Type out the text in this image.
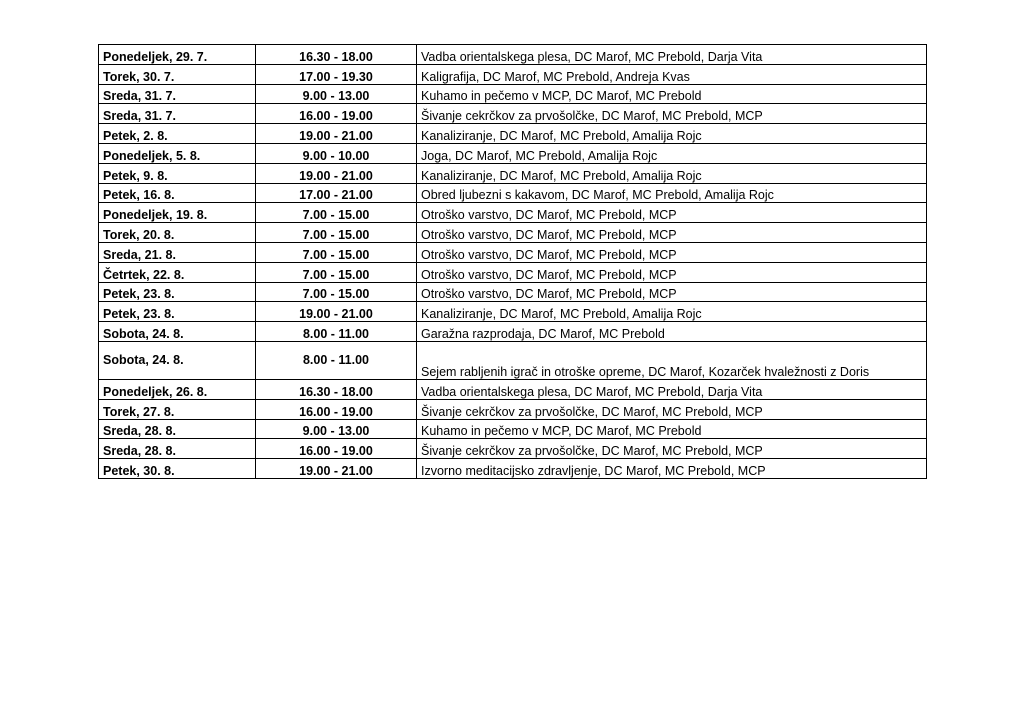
Ponedeljek, 29. 7.	16.30 - 18.00	Vadba orientalskega plesa, DC Marof, MC Prebold, Darja Vita
Torek, 30. 7.	17.00 - 19.30	Kaligrafija, DC Marof, MC Prebold, Andreja Kvas
Sreda, 31. 7.	9.00 - 13.00	Kuhamo in pečemo v MCP, DC Marof, MC Prebold
Sreda, 31. 7.	16.00 - 19.00	Šivanje cekrčkov za prvošolčke, DC Marof, MC Prebold, MCP
Petek, 2. 8.	19.00 - 21.00	Kanaliziranje, DC Marof, MC Prebold, Amalija Rojc
Ponedeljek, 5. 8.	9.00 - 10.00	Joga, DC Marof, MC Prebold, Amalija Rojc
Petek, 9. 8.	19.00 - 21.00	Kanaliziranje, DC Marof, MC Prebold, Amalija Rojc
Petek, 16. 8.	17.00 - 21.00	Obred ljubezni s kakavom, DC Marof, MC Prebold, Amalija Rojc
Ponedeljek, 19. 8.	7.00 - 15.00	Otroško varstvo, DC Marof, MC Prebold, MCP
Torek, 20. 8.	7.00 - 15.00	Otroško varstvo, DC Marof, MC Prebold, MCP
Sreda, 21. 8.	7.00 - 15.00	Otroško varstvo, DC Marof, MC Prebold, MCP
Četrtek, 22. 8.	7.00 - 15.00	Otroško varstvo, DC Marof, MC Prebold, MCP
Petek, 23. 8.	7.00 - 15.00	Otroško varstvo, DC Marof, MC Prebold, MCP
Petek, 23. 8.	19.00 - 21.00	Kanaliziranje, DC Marof, MC Prebold, Amalija Rojc
Sobota, 24. 8.	8.00 - 11.00	Garažna razprodaja, DC Marof, MC Prebold
Sobota, 24. 8.	8.00 - 11.00	Sejem rabljenih igrač in otroške opreme, DC Marof, Kozarček hvaležnosti z Doris
Ponedeljek, 26. 8.	16.30 - 18.00	Vadba orientalskega plesa, DC Marof, MC Prebold, Darja Vita
Torek, 27. 8.	16.00 - 19.00	Šivanje cekrčkov za prvošolčke, DC Marof, MC Prebold, MCP
Sreda, 28. 8.	9.00 - 13.00	Kuhamo in pečemo v MCP, DC Marof, MC Prebold
Sreda, 28. 8.	16.00 - 19.00	Šivanje cekrčkov za prvošolčke, DC Marof, MC Prebold, MCP
Petek, 30. 8.	19.00 - 21.00	Izvorno meditacijsko zdravljenje, DC Marof, MC Prebold, MCP
